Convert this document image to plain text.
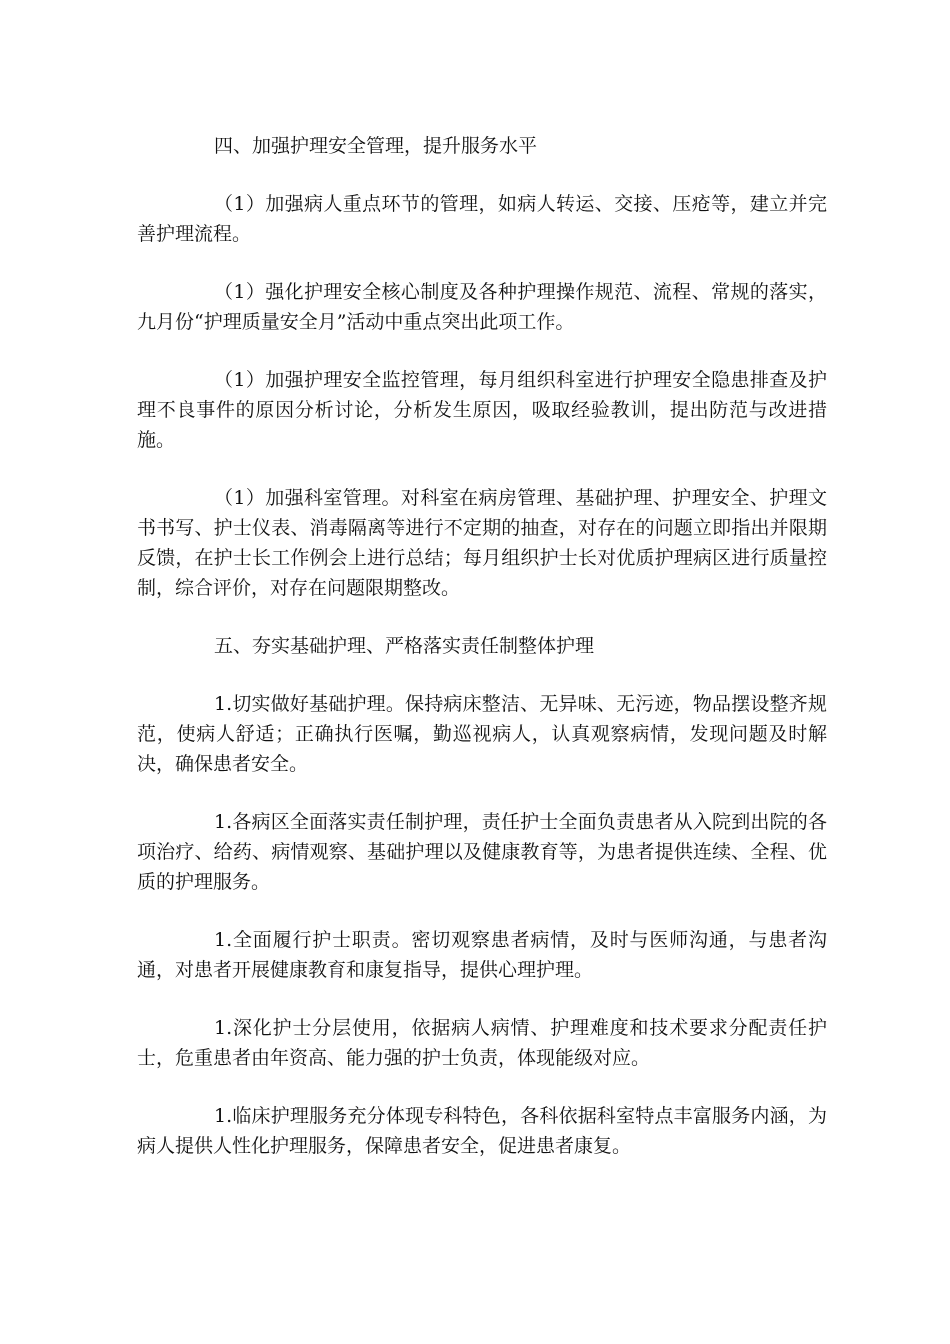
四、加强护理安全管理，提升服务水平

（1）加强病人重点环节的管理，如病人转运、交接、压疮等，建立并完善护理流程。

（1）强化护理安全核心制度及各种护理操作规范、流程、常规的落实，九月份“护理质量安全月”活动中重点突出此项工作。

（1）加强护理安全监控管理，每月组织科室进行护理安全隐患排查及护理不良事件的原因分析讨论，分析发生原因，吸取经验教训，提出防范与改进措施。

（1）加强科室管理。对科室在病房管理、基础护理、护理安全、护理文书书写、护士仪表、消毒隔离等进行不定期的抽查，对存在的问题立即指出并限期反馈，在护士长工作例会上进行总结；每月组织护士长对优质护理病区进行质量控制，综合评价，对存在问题限期整改。

五、夯实基础护理、严格落实责任制整体护理

1.切实做好基础护理。保持病床整洁、无异味、无污迹，物品摆设整齐规范，使病人舒适；正确执行医嘱，勤巡视病人，认真观察病情，发现问题及时解决，确保患者安全。

1.各病区全面落实责任制护理，责任护士全面负责患者从入院到出院的各项治疗、给药、病情观察、基础护理以及健康教育等，为患者提供连续、全程、优质的护理服务。

1.全面履行护士职责。密切观察患者病情，及时与医师沟通，与患者沟通，对患者开展健康教育和康复指导，提供心理护理。

1.深化护士分层使用，依据病人病情、护理难度和技术要求分配责任护士，危重患者由年资高、能力强的护士负责，体现能级对应。

1.临床护理服务充分体现专科特色，各科依据科室特点丰富服务内涵，为病人提供人性化护理服务，保障患者安全，促进患者康复。
